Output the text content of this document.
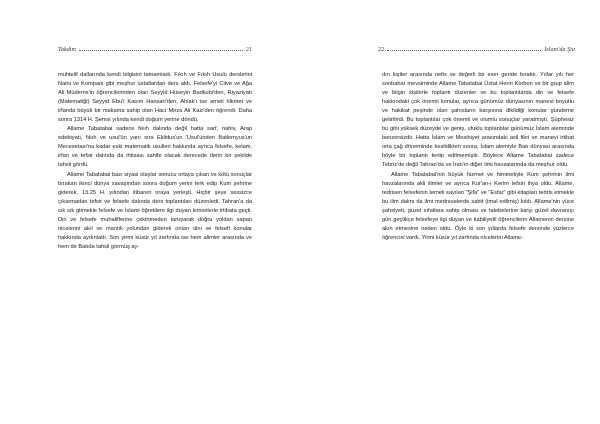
Takdim	21

muhtelif dallarında kendi bilgisini tamamladı. Fıkıh ve Fıkıh Usulü derslerini Naini ve Kompani gibi meşhur üstatlardan ders aldı. Felsefe'yi Cilve ve Ağa Ali Müderris'in öğrencilerinden olan Seyyid Hüseyin Badkubi'den, Riyaziyatı (Matematiği) Seyyid Ebu'l Kasım Hansari'den, Ahlak'ı ise ameli hikmet ve irfanda büyük bir makama sahip olan Hacı Mirza Ali Kazi'den öğrendi. Daha sonra 1314 H. Şemsi yılında kendi doğum yerine döndü.

Allame Tabatabai sadece fıkıh dalında değil hatta sarf, nahiv, Arap edebiyatı, fıkıh ve usul'ün yanı sıra Eklidus'un 'Usul'ünden Batlemyus'un Mecesetası'na kadar eski matematik usulleri hakkında ayrıca felsefe, kelam, irfan ve tefsir dalında da ihtisası sahibi olacak derecede derin bir şekilde tahsil gördü.

Allame Tabatabai bazı siyasi olaylar sonucu ortaya çıkan ve kötü sonuçlar bırakan ikinci dünya savaşından sonra doğum yerini terk edip Kum şehrine giderek, 13.25 H. yılından itibaren oraya yerleşti. Hiçbir şeye sessizce çıkarmadan tefsir ve felsefe dalında ders toplantıları düzenledi. Tahran'a da sık sık gitmekle felsefe ve İslami öğretilere ilgi duyan kimselerle irtibata geçti. Din ve felsefe muhaliflerine çekinmeden tartışarak doğru yoldan sapan nicelerini akıl ve mantık yolundan giderek onları dini ve felsefi konular hakkında aydınlattı. Son yirmi küsür yıl zarfında ise hem alimler arasında ve hem de Batıda tahsil görmüş ay-

22	İslam'da Şia

dın kişiler arasında nefis ve değerli bir eser geride bıraktı. Yıllar yılı her sonbahar mevsiminde Allame Tabatabai Üstat Henri Korbon ve bir grup alim ve bilgin kişilerle toplantı düzenler ve bu toplantılarda din ve felsefe hakkındaki çok önemli konular, ayrıca günümüz dünyasının manevi boyutlu ve hakikat peşinde olan şahısların karşısına dikildiği konular gündeme getirilirdi. Bu toplantılar çok önemli ve olumlu sonuçlar yaratmıştı. Şüphesiz bu gibi yüksek düzeyde ve geniş, ufuklu toplantılar günümüz İslam aleminde benzersizdir. Hatta İslam ve Mesihiyet arasındaki asil fikri ve manevi irtibat orta çağ döneminde kesildikten sonra, İslam alemiyle Batı dünyası arasında böyle bir toplantı tertip edilmemiştir. Böylece Allame Tabatabai sadece Tebriz'de değil Tahran'da ve İran'ın diğer ilmi havzalarında da meşhur oldu.

Allame Tabatabai'nin büyük hizmet ve himmetiyle Kum şehrinin ilmi havzalarında akli ilimler ve ayrıca Kur'an-ı Kerim tefsiri ihya oldu. Allame, tedrisen felsefenin temeli sayılan "Şifa" ve "Esfar" gibi kitapları tedris etmekle bu ilim dalını da ilmi medreselerde sabit (imal edilmiş) kıldı. Allame'nin yüce şahsiyeti, güzel sıfatlara sahip olması ve talebelerine karşı güzel davranışı gün geçtikçe felsefeye ilgi duyan ve kabiliyetli öğrencilerin Allamenin dersine akın etmesine neden oldu. Öyle ki son yıllarda felsefe dersinde yüzlerce öğrencisi vardı. Yirmi küsür yıl zarfında nicelerini Allame-
